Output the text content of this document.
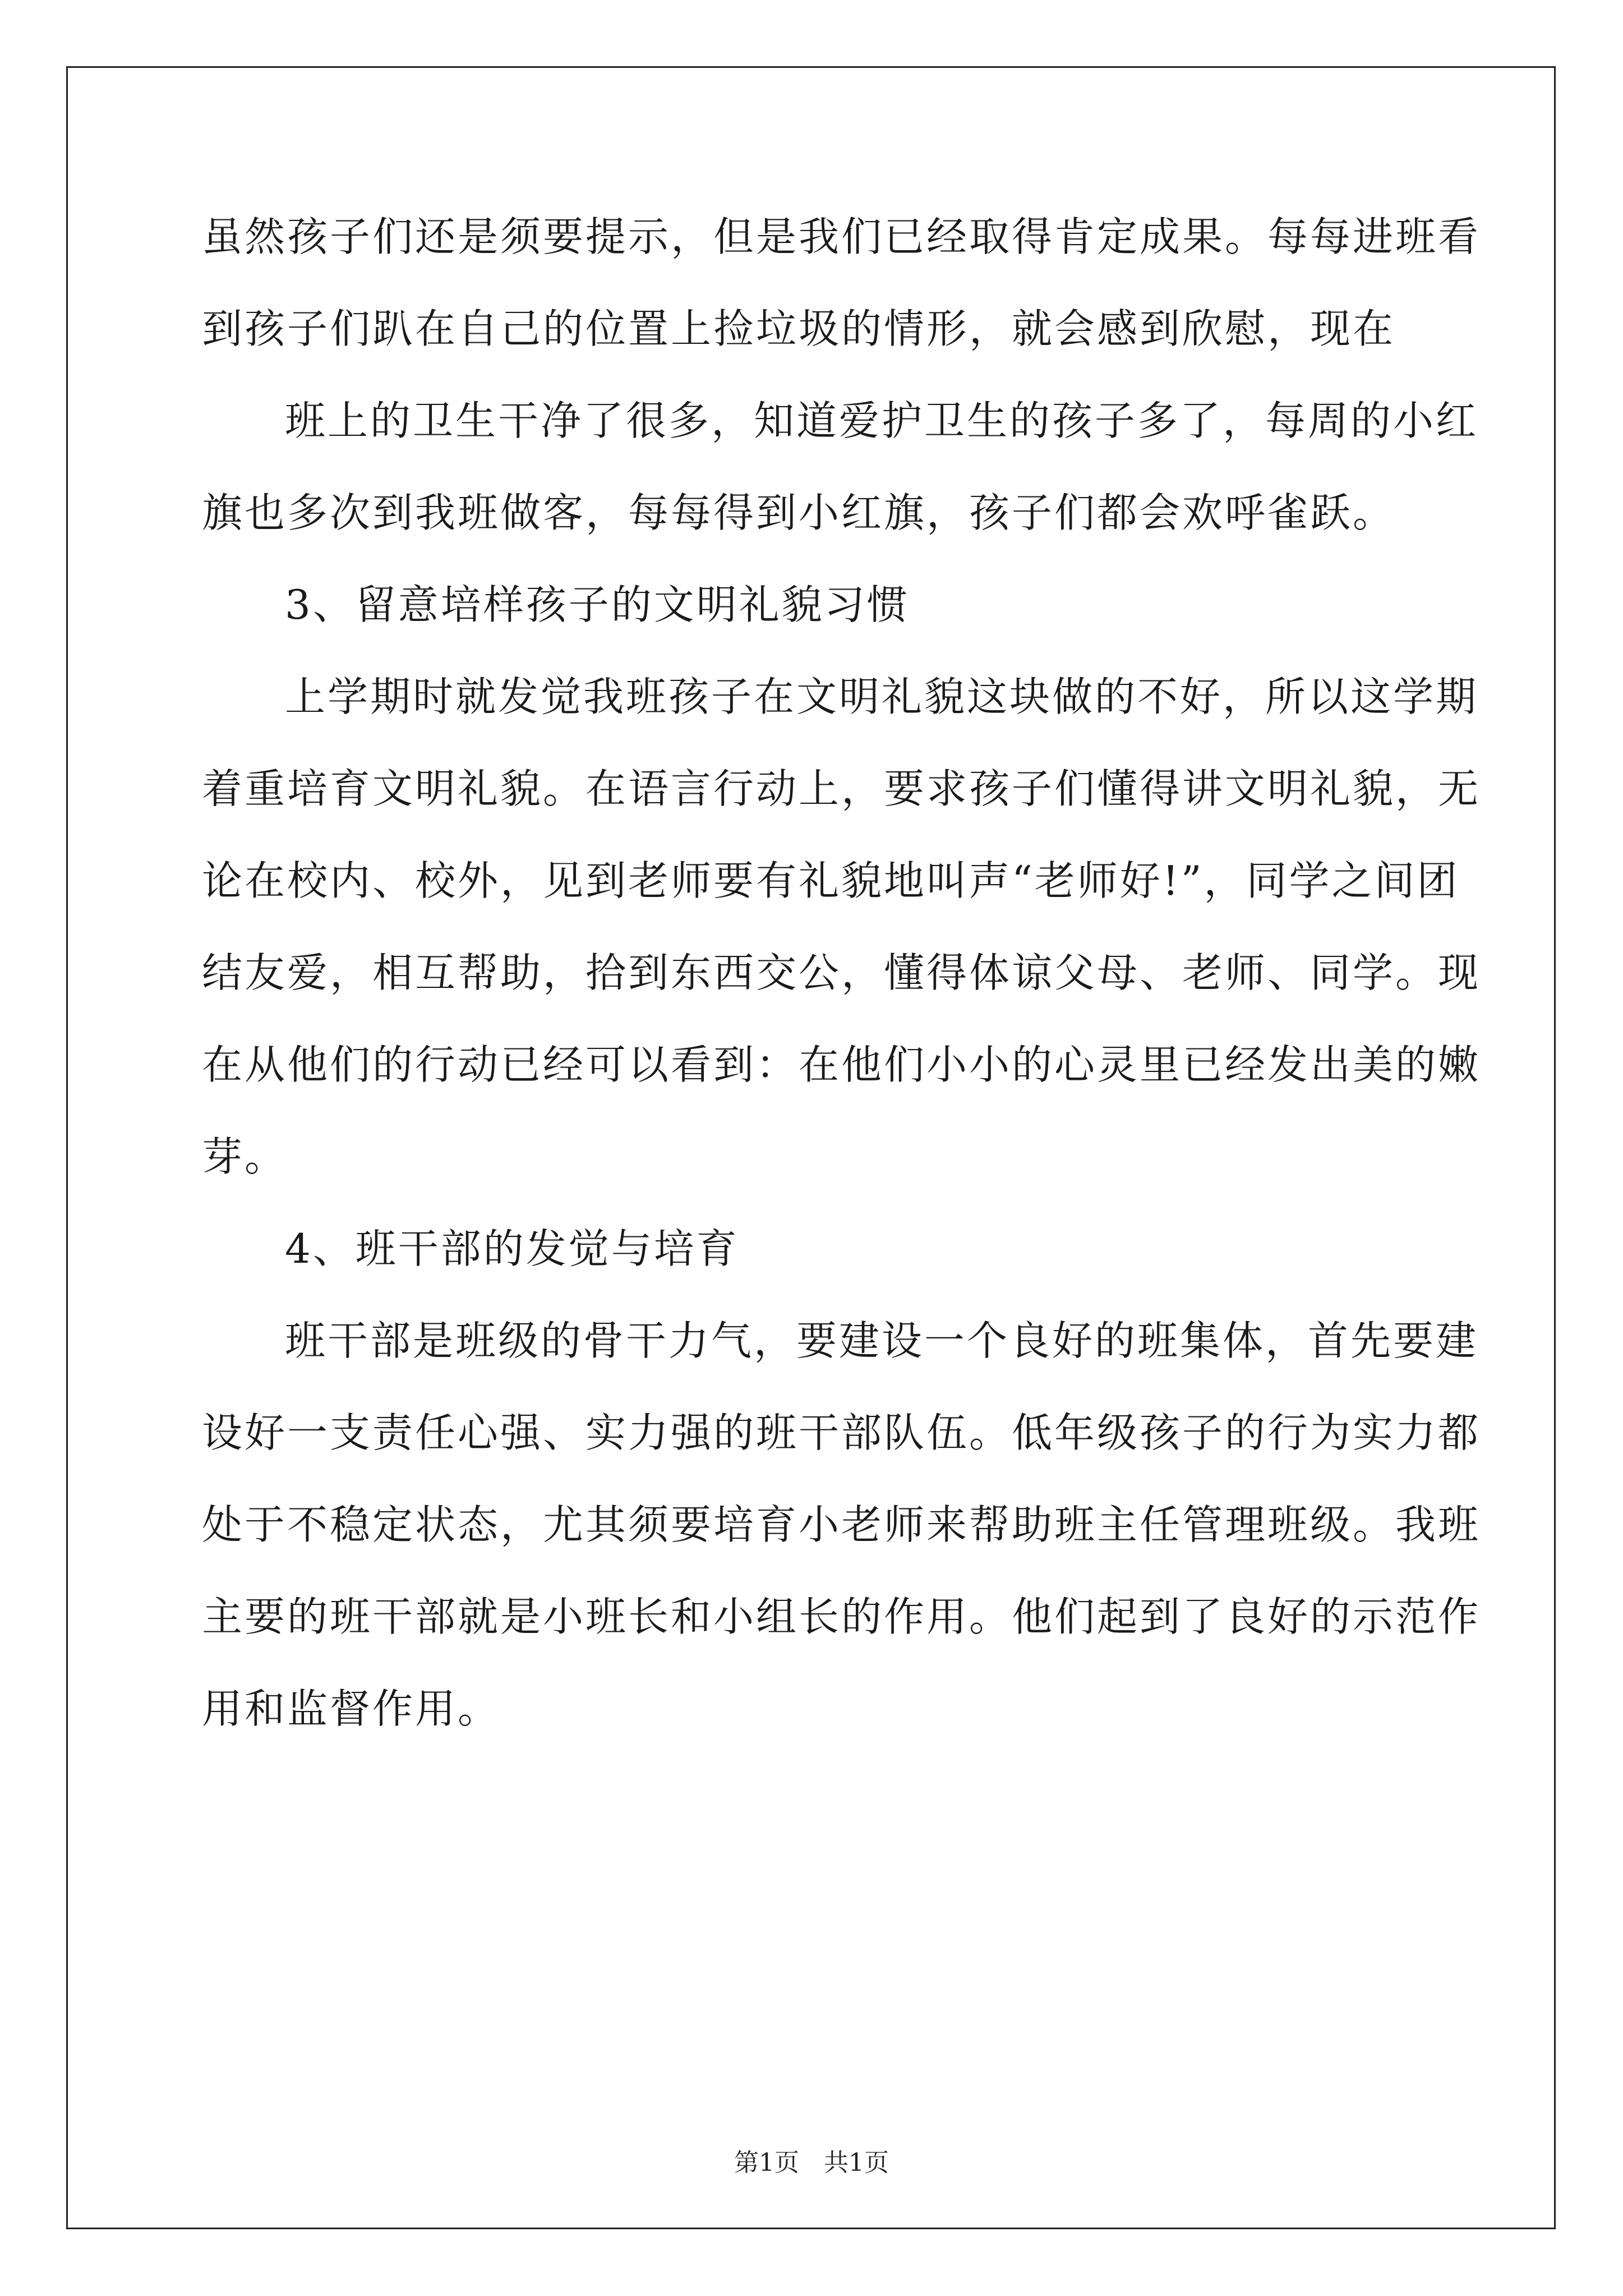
虽然孩子们还是须要提示，但是我们已经取得肯定成果。每每进班看

到孩子们趴在自己的位置上捡垃圾的情形，就会感到欣慰，现在

班上的卫生干净了很多，知道爱护卫生的孩子多了，每周的小红

旗也多次到我班做客，每每得到小红旗，孩子们都会欢呼雀跃。

3、留意培样孩子的文明礼貌习惯

上学期时就发觉我班孩子在文明礼貌这块做的不好，所以这学期

着重培育文明礼貌。在语言行动上，要求孩子们懂得讲文明礼貌，无

论在校内、校外，见到老师要有礼貌地叫声“老师好!”，同学之间团

结友爱，相互帮助，拾到东西交公，懂得体谅父母、老师、同学。现

在从他们的行动已经可以看到：在他们小小的心灵里已经发出美的嫩

芽。

4、班干部的发觉与培育

班干部是班级的骨干力气，要建设一个良好的班集体，首先要建

设好一支责任心强、实力强的班干部队伍。低年级孩子的行为实力都

处于不稳定状态，尤其须要培育小老师来帮助班主任管理班级。我班

主要的班干部就是小班长和小组长的作用。他们起到了良好的示范作

用和监督作用。

第1页　共1页
